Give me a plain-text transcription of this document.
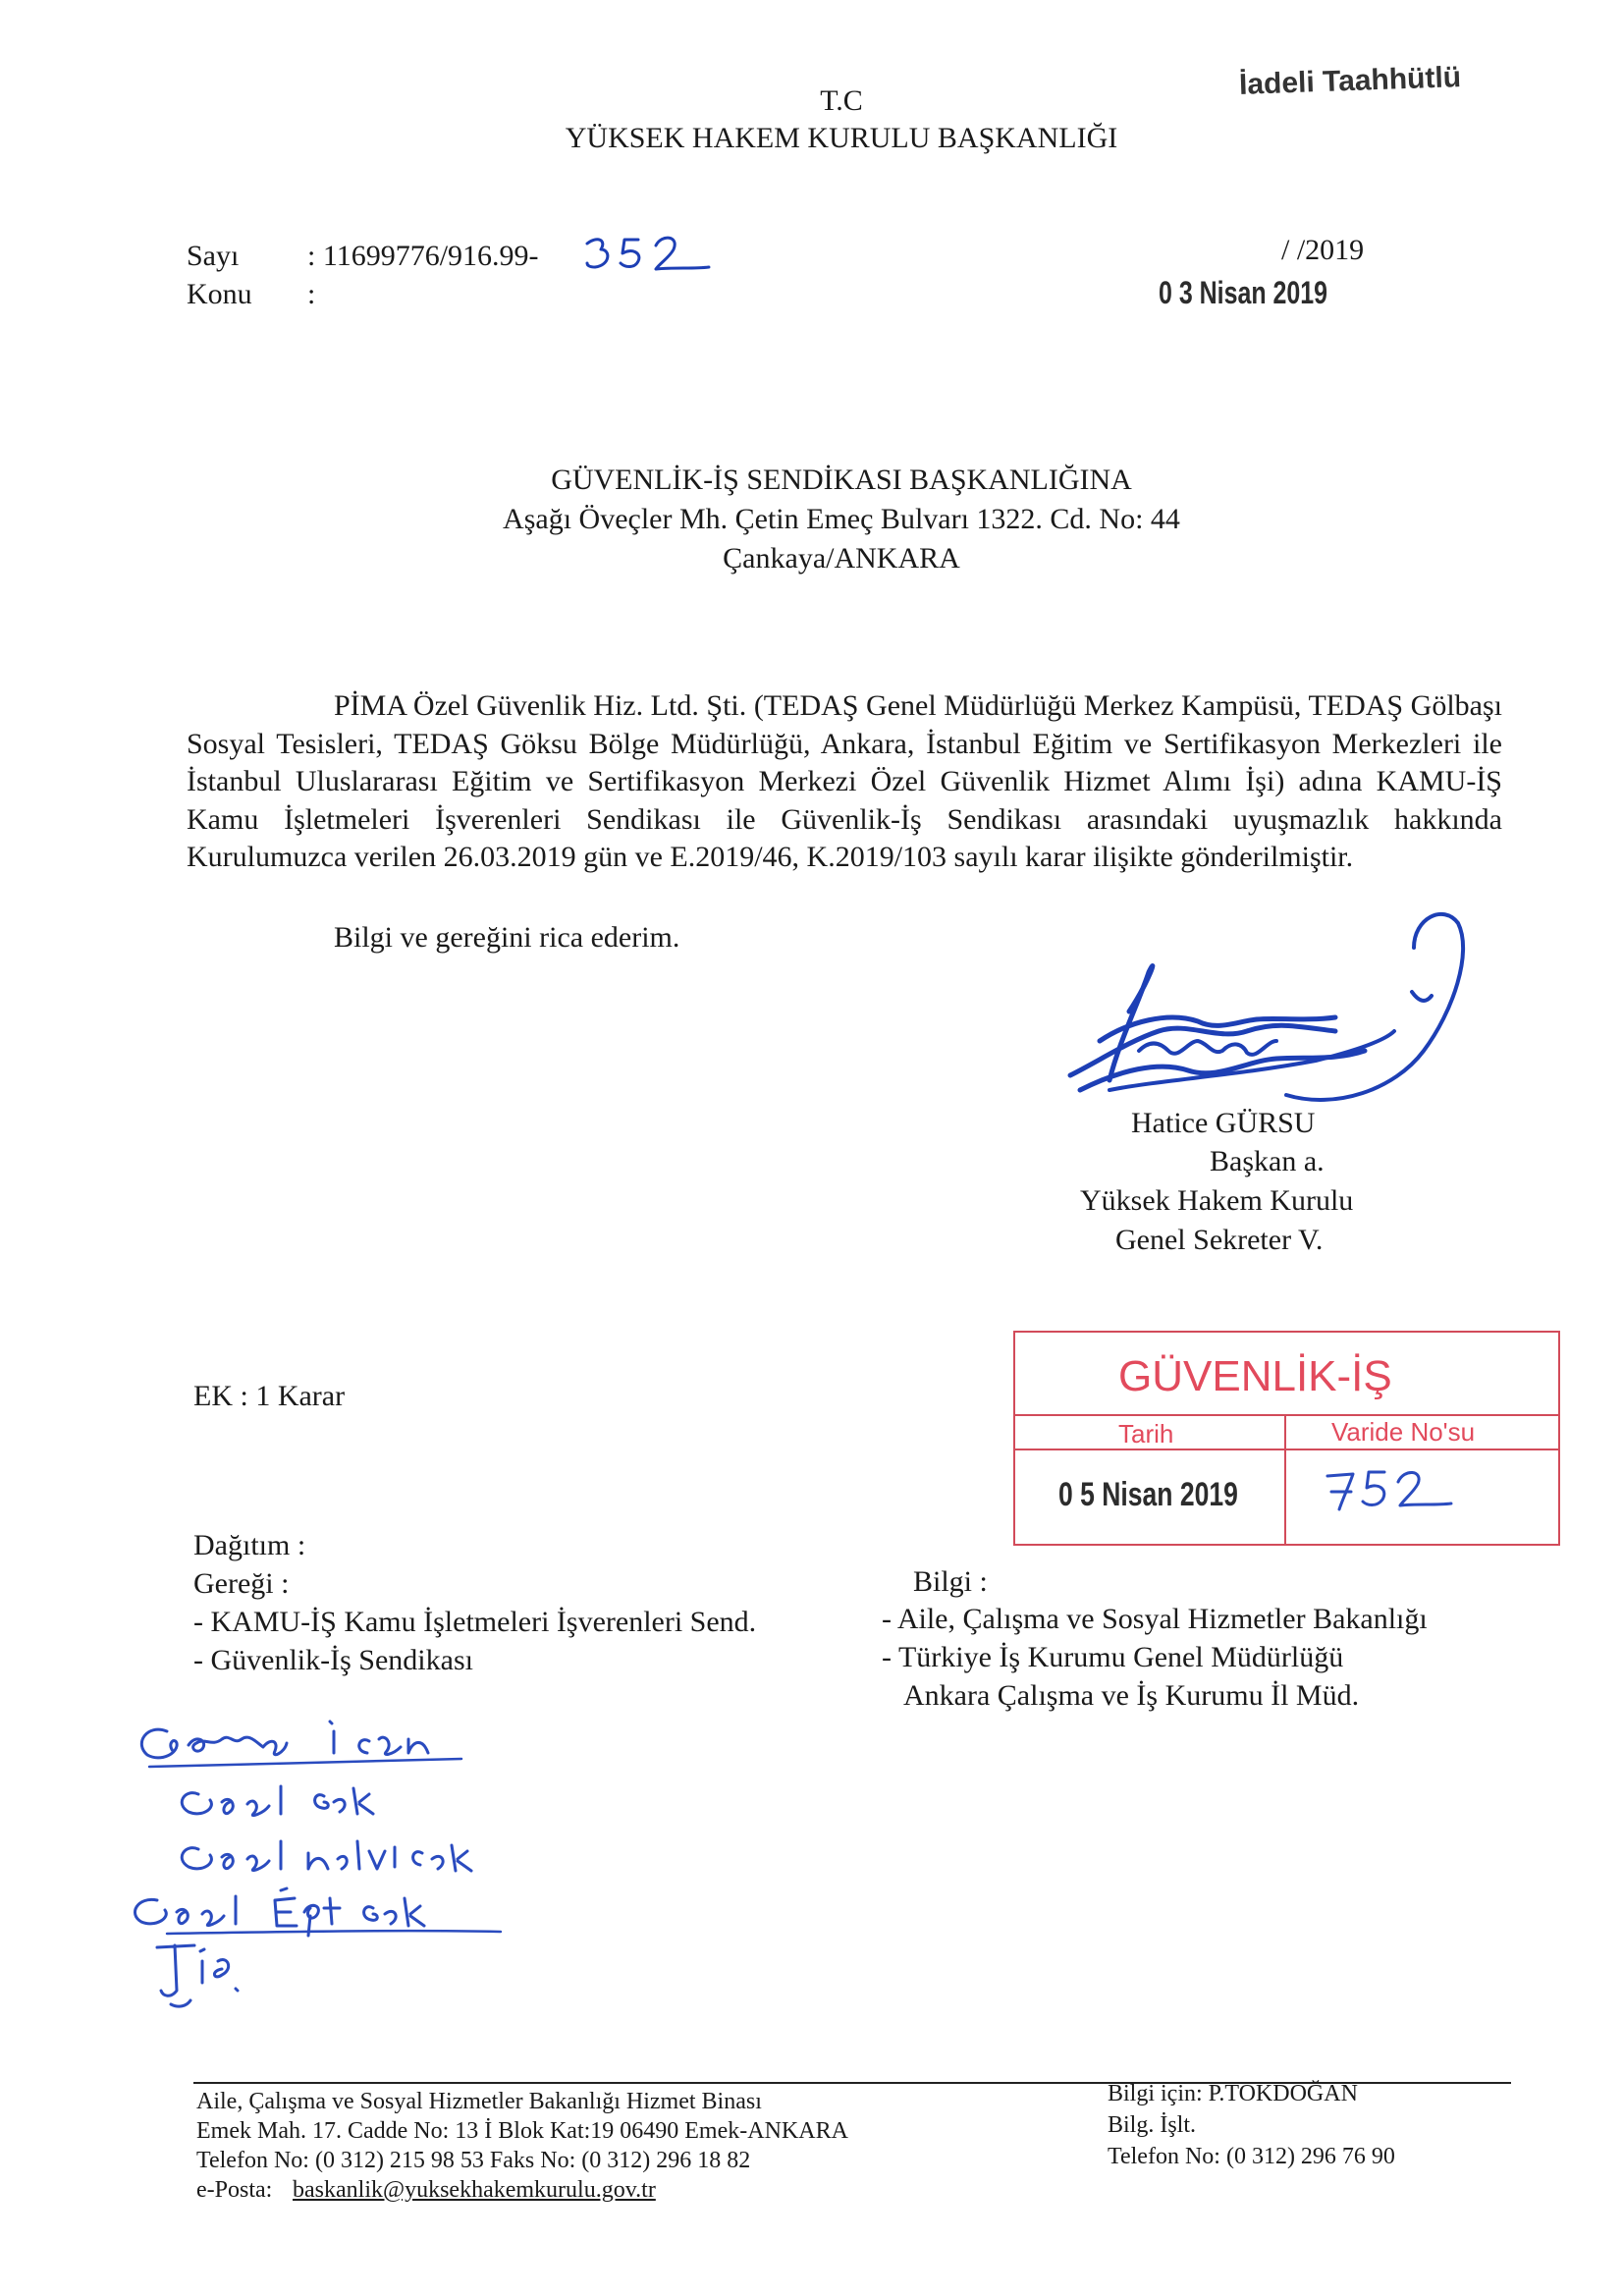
İadeli Taahhütlü
T.C
YÜKSEK HAKEM KURULU BAŞKANLIĞI
Sayı : 11699776/916.99-
Konu :
/ /2019
0 3 Nisan 2019
GÜVENLİK-İŞ SENDİKASI BAŞKANLIĞINA
Aşağı Öveçler Mh. Çetin Emeç Bulvarı 1322. Cd. No: 44
Çankaya/ANKARA
PİMA Özel Güvenlik Hiz. Ltd. Şti. (TEDAŞ Genel Müdürlüğü Merkez Kampüsü, TEDAŞ Gölbaşı Sosyal Tesisleri, TEDAŞ Göksu Bölge Müdürlüğü, Ankara, İstanbul Eğitim ve Sertifikasyon Merkezleri ile İstanbul Uluslararası Eğitim ve Sertifikasyon Merkezi Özel Güvenlik Hizmet Alımı İşi) adına KAMU-İŞ Kamu İşletmeleri İşverenleri Sendikası ile Güvenlik-İş Sendikası arasındaki uyuşmazlık hakkında Kurulumuzca verilen 26.03.2019 gün ve E.2019/46, K.2019/103 sayılı karar ilişikte gönderilmiştir.
Bilgi ve gereğini rica ederim.
Hatice GÜRSU
Başkan a.
Yüksek Hakem Kurulu
Genel Sekreter V.
EK : 1 Karar	GÜVENLİK-İŞ
Tarih	Varide No'su
0 5 Nisan 2019
Dağıtım :
Gereği :
- KAMU-İŞ Kamu İşletmeleri İşverenleri Send.
- Güvenlik-İş Sendikası
Bilgi :
- Aile, Çalışma ve Sosyal Hizmetler Bakanlığı
- Türkiye İş Kurumu Genel Müdürlüğü
Ankara Çalışma ve İş Kurumu İl Müd.
Aile, Çalışma ve Sosyal Hizmetler Bakanlığı Hizmet Binası
Emek Mah. 17. Cadde No: 13 İ Blok Kat:19 06490 Emek-ANKARA
Telefon No: (0 312) 215 98 53 Faks No: (0 312) 296 18 82
e-Posta: baskanlik@yuksekhakemkurulu.gov.tr
Bilgi için: P.TOKDOĞAN
Bilg. İşlt.
Telefon No: (0 312) 296 76 90
